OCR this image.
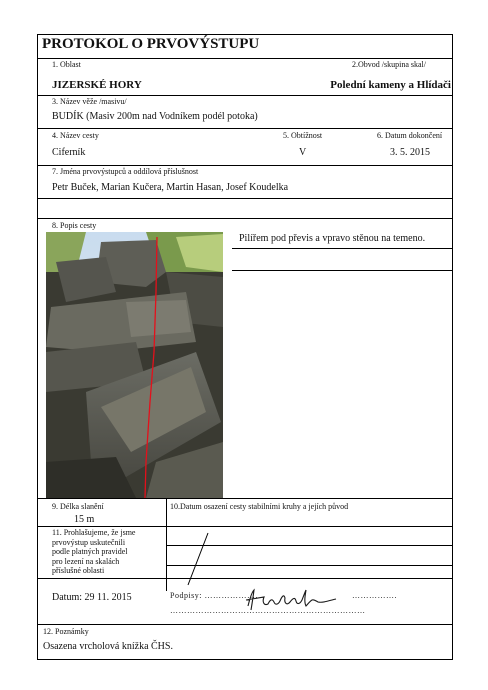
PROTOKOL O PRVOVÝSTUPU
1. Oblast	2.Obvod /skupina skal/
JIZERSKÉ HORY	Polední kameny a Hlídači
3. Název věže /masivu/
BUDÍK (Masiv 200m nad Vodníkem podél potoka)
4. Název cesty	5. Obtížnost	6. Datum dokončení
Ciferník	V	3. 5. 2015
7. Jména prvovýstupců a oddílová příslušnost
Petr Buček, Marian Kučera, Martin Hasan, Josef Koudelka
8. Popis cesty
Pilířem pod převis a vpravo stěnou na temeno.
9. Délka slanění
15 m
10.Datum osazení cesty stabilními kruhy a jejích původ
11. Prohlašujeme, že jsme
prvovýstup uskutečnili
podle platných pravidel
pro lezení na skalách
příslušné oblasti
Datum: 29 11. 2015	Podpisy: ……………….	…………….
……………………………………………………………
12. Poznámky
Osazena vrcholová knížka ČHS.
